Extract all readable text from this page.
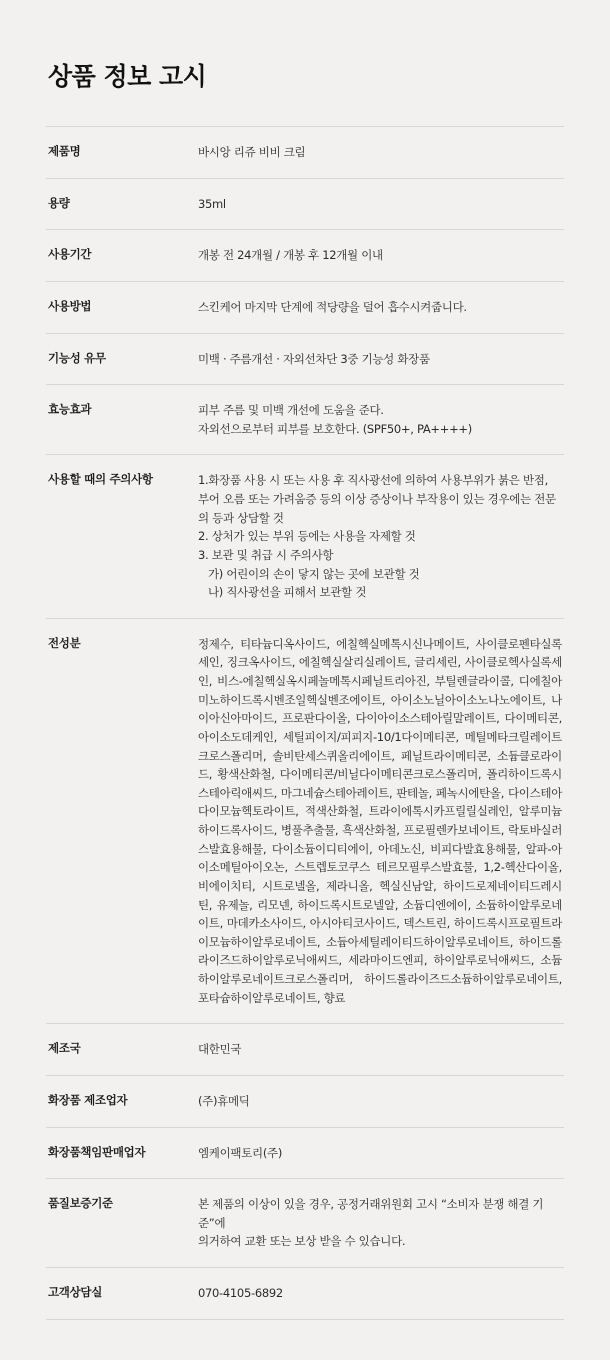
상품 정보 고시
제품명	바시앙 리쥬 비비 크림

용량	35ml

사용기간	개봉 전 24개월 / 개봉 후 12개월 이내

사용방법	스킨케어 마지막 단계에 적당량을 덜어 흡수시켜줍니다.

기능성 유무	미백 · 주름개선 · 자외선차단 3중 기능성 화장품

효능효과	피부 주름 및 미백 개선에 도움을 준다.
자외선으로부터 피부를 보호한다. (SPF50+, PA++++)

사용할 때의 주의사항	1.화장품 사용 시 또는 사용 후 직사광선에 의하여 사용부위가 붉은 반점, 부어 오름 또는 가려움증 등의 이상 증상이나 부작용이 있는 경우에는 전문의 등과 상담할 것
2. 상처가 있는 부위 등에는 사용을 자제할 것
3. 보관 및 취급 시 주의사항
가) 어린이의 손이 닿지 않는 곳에 보관할 것
나) 직사광선을 피해서 보관할 것

전성분	정제수, 티타늄디옥사이드, 에칠헥실메톡시신나메이트, 사이클로펜타실록세인, 징크옥사이드, 에칠헥실살리실레이트, 글리세린, 사이클로헥사실록세인, 비스-에칠헥실옥시페놀메톡시페닐트리아진, 부틸렌글라이콜, 디에칠아미노하이드록시벤조일헥실벤조에이트, 아이소노닐아이소노나노에이트, 나이아신아마이드, 프로판다이올, 다이아이소스테아릴말레이트, 다이메티콘, 아이소도데케인, 세틸피이지/피피지-10/1다이메티콘, 메틸메타크릴레이트크로스폴리머, 솔비탄세스퀴올리에이트, 페닐트라이메티콘, 소듐클로라이드, 황색산화철, 다이메티콘/비닐다이메티콘크로스폴리머, 폴리하이드록시스테아릭애씨드, 마그네슘스테아레이트, 판테놀, 페녹시에탄올, 다이스테아다이모늄헥토라이트, 적색산화철, 트라이에톡시카프릴릴실레인, 알루미늄하이드록사이드, 병풀추출물, 흑색산화철, 프로필렌카보네이트, 락토바실러스발효용해물, 다이소듐이디티에이, 아데노신, 비피다발효용해물, 알파-아이소메틸아이오논, 스트렙토코쿠스 테르모필루스발효물, 1,2-헥산다이올, 비에이치티, 시트로넬올, 제라니올, 헥실신남알, 하이드로제네이티드레시틴, 유제놀, 리모넨, 하이드록시트로넬알, 소듐디엔에이, 소듐하이알루로네이트, 마데카소사이드, 아시아티코사이드, 덱스트린, 하이드록시프로필트라이모늄하이알루로네이트, 소듐아세틸레이티드하이알루로네이트, 하이드롤라이즈드하이알루로닉애씨드, 세라마이드엔피, 하이알루로닉애씨드, 소듐하이알루로네이트크로스폴리머, 하이드롤라이즈드소듐하이알루로네이트, 포타슘하이알루로네이트, 향료
제조국	대한민국

화장품 제조업자	(주)휴메딕

화장품책임판매업자	엠케이팩토리(주)

품질보증기준	본 제품의 이상이 있을 경우, 공정거래위원회 고시 “소비자 분쟁 해결 기준”에
의거하여 교환 또는 보상 받을 수 있습니다.

고객상담실	070-4105-6892
